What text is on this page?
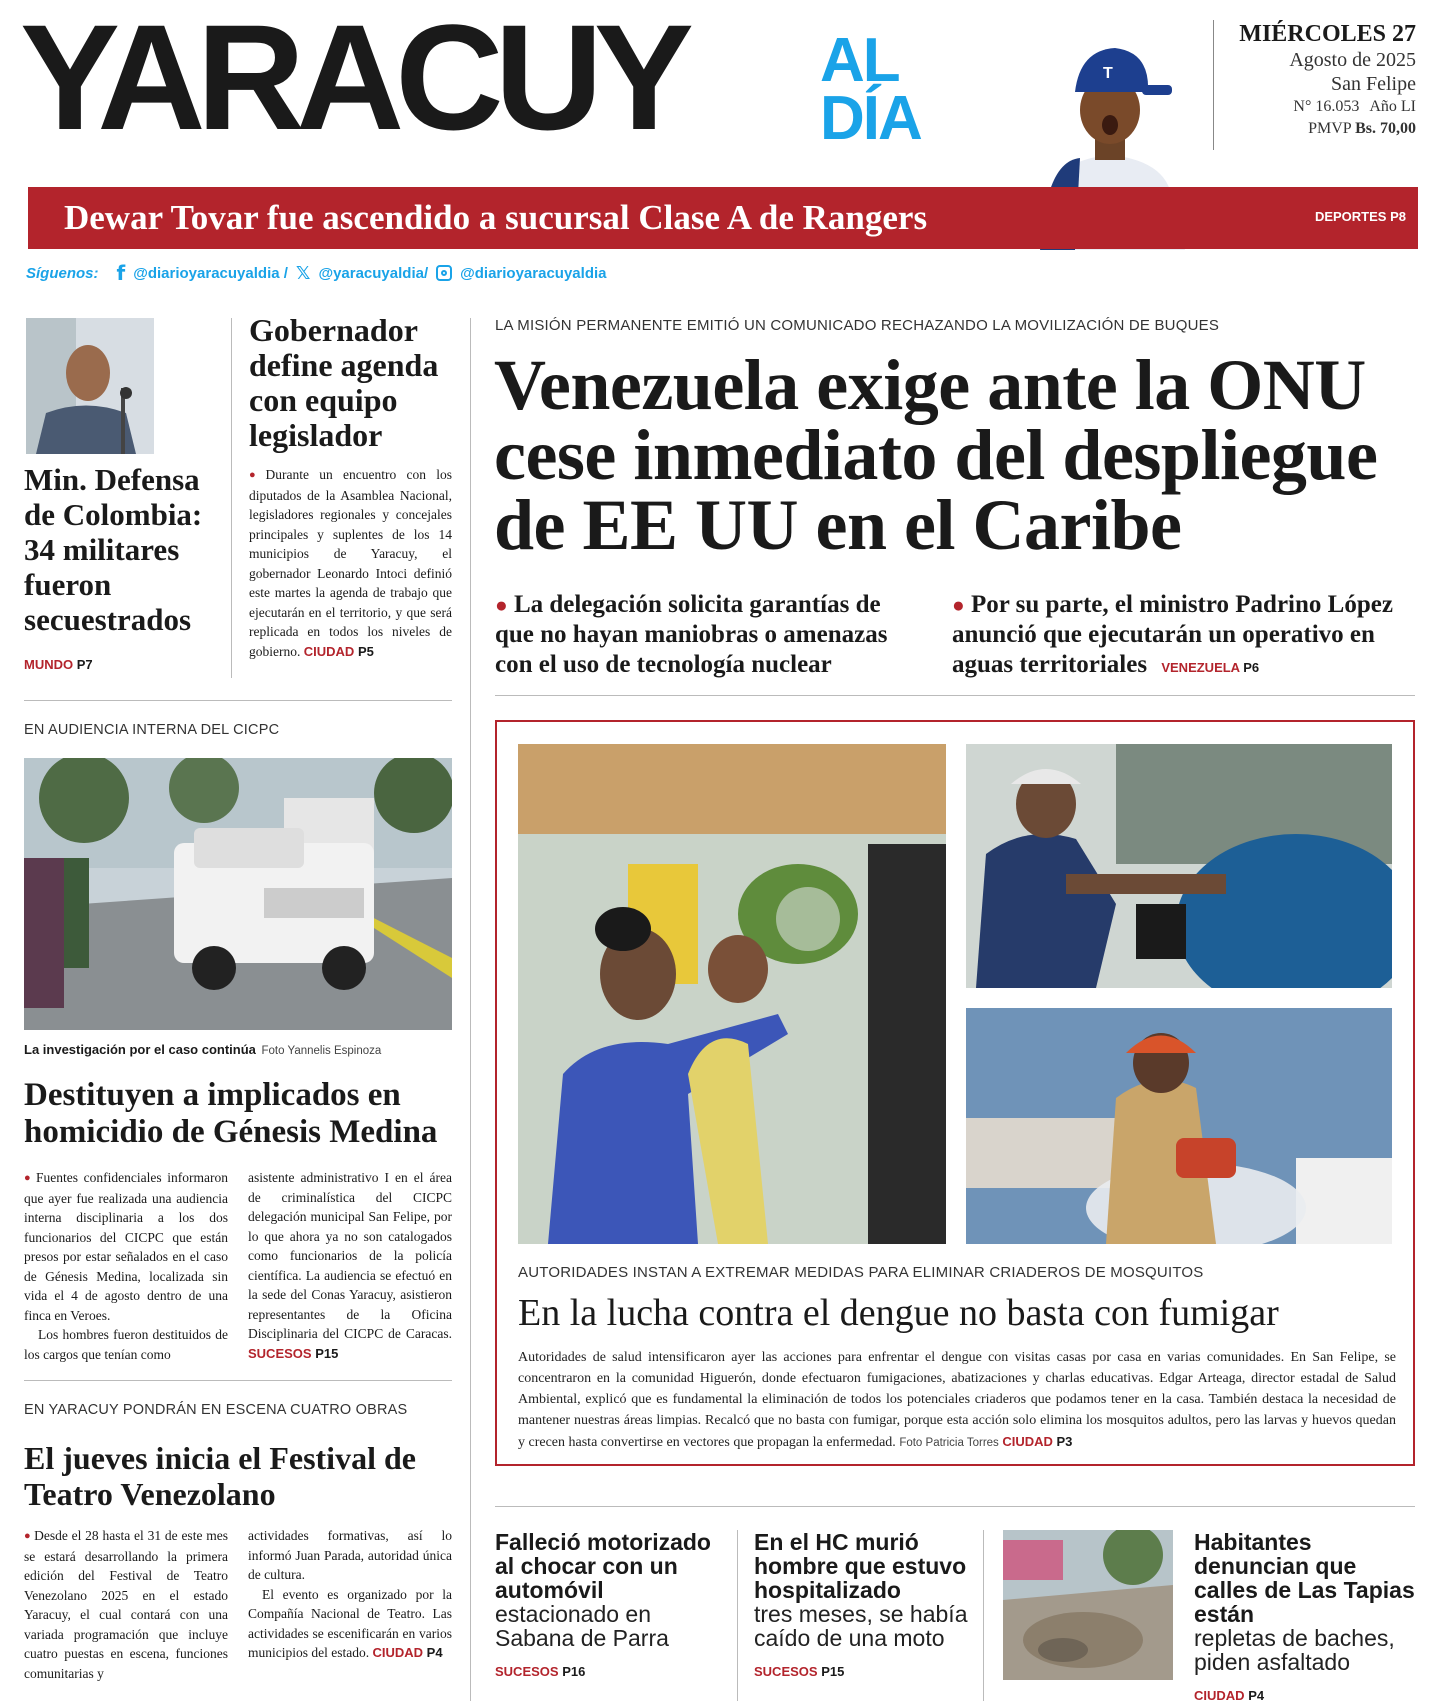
YARACUY AL
DÍA
T
MIÉRCOLES 27
Agosto de 2025
San Felipe
N° 16.053 Año LI
PMVP Bs. 70,00
Dewar Tovar fue ascendido a sucursal Clase A de Rangers	DEPORTES P8
Síguenos: f @diarioyaracuyaldia / 𝕏 @yaracuyaldia/ @diarioyaracuyaldia
Min. Defensa de Colombia: 34 militares fueron secuestrados
MUNDO P7
Gobernador define agenda con equipo legislador
● Durante un encuentro con los diputados de la Asamblea Nacional, legisladores regionales y concejales principales y suplentes de los 14 municipios de Yaracuy, el gobernador Leonardo Intoci definió este martes la agenda de trabajo que ejecutarán en el territorio, y que será replicada en todos los niveles de gobierno. CIUDAD P5
LA MISIÓN PERMANENTE EMITIÓ UN COMUNICADO RECHAZANDO LA MOVILIZACIÓN DE BUQUES
Venezuela exige ante la ONU cese inmediato del despliegue de EE UU en el Caribe
● La delegación solicita garantías de que no hayan maniobras o amenazas con el uso de tecnología nuclear
● Por su parte, el ministro Padrino López anunció que ejecutarán un operativo en aguas territoriales VENEZUELA P6
EN AUDIENCIA INTERNA DEL CICPC
La investigación por el caso continúa Foto Yannelis Espinoza
Destituyen a implicados en homicidio de Génesis Medina
● Fuentes confidenciales informaron que ayer fue realizada una audiencia interna disciplinaria a los dos funcionarios del CICPC que están presos por estar señalados en el caso de Génesis Medina, localizada sin vida el 4 de agosto dentro de una finca en Veroes.
Los hombres fueron destituidos de los cargos que tenían como
asistente administrativo I en el área de criminalística del CICPC delegación municipal San Felipe, por lo que ahora ya no son catalogados como funcionarios de la policía científica. La audiencia se efectuó en la sede del Conas Yaracuy, asistieron representantes de la Oficina Disciplinaria del CICPC de Caracas. SUCESOS P15
EN YARACUY PONDRÁN EN ESCENA CUATRO OBRAS
El jueves inicia el Festival de Teatro Venezolano
● Desde el 28 hasta el 31 de este mes se estará desarrollando la primera edición del Festival de Teatro Venezolano 2025 en el estado Yaracuy, el cual contará con una variada programación que incluye cuatro puestas en escena, funciones comunitarias y
actividades formativas, así lo informó Juan Parada, autoridad única de cultura.
El evento es organizado por la Compañía Nacional de Teatro. Las actividades se escenificarán en varios municipios del estado. CIUDAD P4
AUTORIDADES INSTAN A EXTREMAR MEDIDAS PARA ELIMINAR CRIADEROS DE MOSQUITOS
En la lucha contra el dengue no basta con fumigar
Autoridades de salud intensificaron ayer las acciones para enfrentar el dengue con visitas casas por casa en varias comunidades. En San Felipe, se concentraron en la comunidad Higuerón, donde efectuaron fumigaciones, abatizaciones y charlas educativas. Edgar Arteaga, director estadal de Salud Ambiental, explicó que es fundamental la eliminación de todos los potenciales criaderos que podamos tener en la casa. También destaca la necesidad de mantener nuestras áreas limpias. Recalcó que no basta con fumigar, porque esta acción solo elimina los mosquitos adultos, pero las larvas y huevos quedan y crecen hasta convertirse en vectores que propagan la enfermedad. Foto Patricia Torres CIUDAD P3
Falleció motorizado al chocar con un automóvil
estacionado en Sabana de Parra
SUCESOS P16
En el HC murió hombre que estuvo hospitalizado
tres meses, se había caído de una moto
SUCESOS P15
Habitantes denuncian que calles de Las Tapias están
repletas de baches, piden asfaltado
CIUDAD P4
